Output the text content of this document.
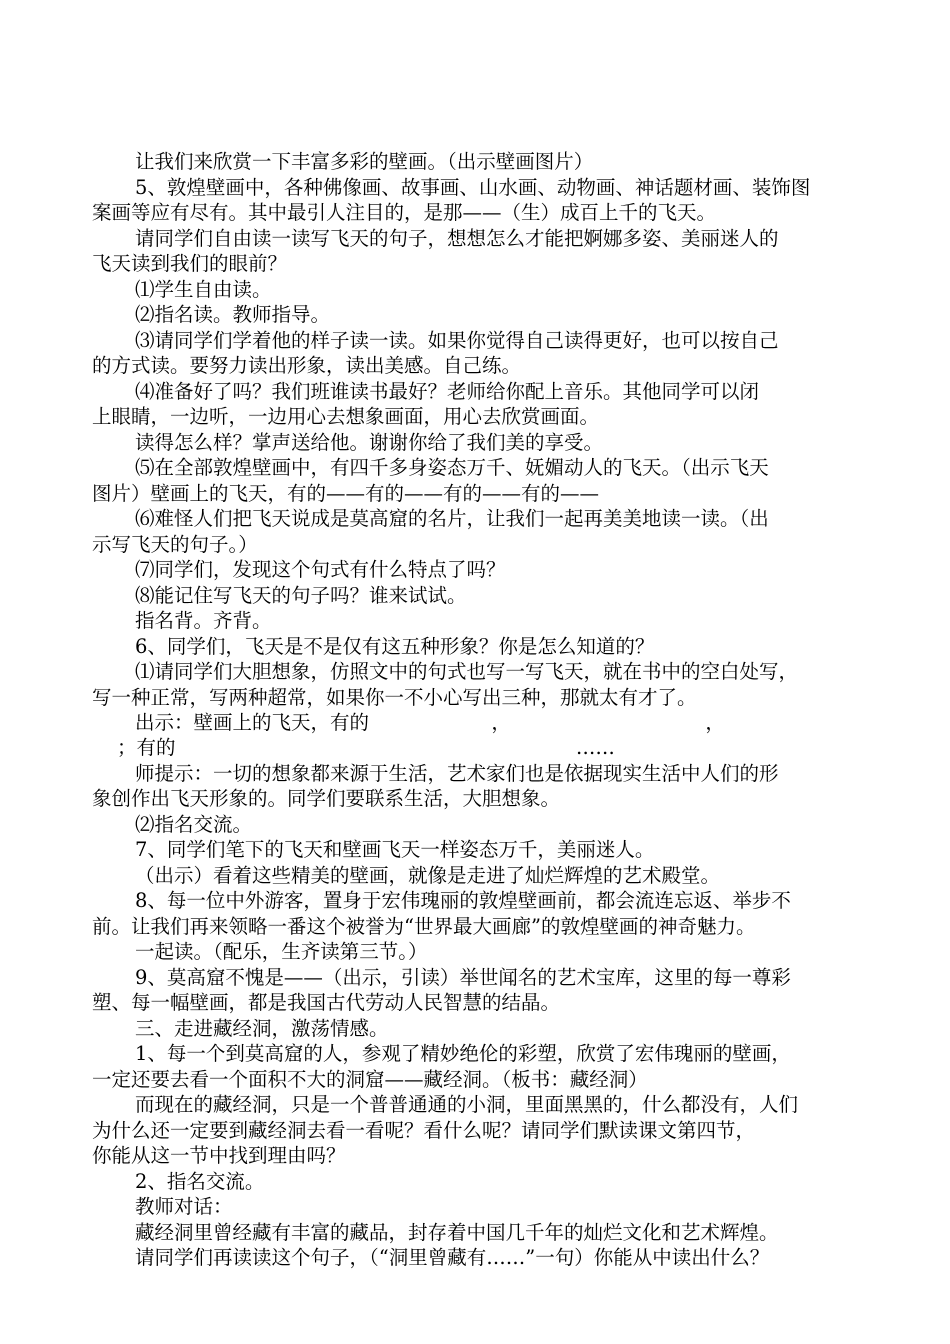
让我们来欣赏一下丰富多彩的壁画。（出示壁画图片）
5、敦煌壁画中，各种佛像画、故事画、山水画、动物画、神话题材画、装饰图
案画等应有尽有。其中最引人注目的，是那——（生）成百上千的飞天。
请同学们自由读一读写飞天的句子，想想怎么才能把婀娜多姿、美丽迷人的
飞天读到我们的眼前？
⑴学生自由读。
⑵指名读。教师指导。
⑶请同学们学着他的样子读一读。如果你觉得自己读得更好，也可以按自己
的方式读。要努力读出形象，读出美感。自己练。
⑷准备好了吗？我们班谁读书最好？老师给你配上音乐。其他同学可以闭
上眼睛，一边听，一边用心去想象画面，用心去欣赏画面。
读得怎么样？掌声送给他。谢谢你给了我们美的享受。
⑸在全部敦煌壁画中，有四千多身姿态万千、妩媚动人的飞天。（出示飞天
图片）壁画上的飞天，有的——有的——有的——有的——
⑹难怪人们把飞天说成是莫高窟的名片，让我们一起再美美地读一读。（出
示写飞天的句子。）
⑺同学们，发现这个句式有什么特点了吗？
⑻能记住写飞天的句子吗？谁来试试。
指名背。齐背。
6、同学们，飞天是不是仅有这五种形象？你是怎么知道的？
⑴请同学们大胆想象，仿照文中的句式也写一写飞天，就在书中的空白处写，
写一种正常，写两种超常，如果你一不小心写出三种，那就太有才了。
出示：壁画上的飞天，有的	，	，
；有的	……
师提示：一切的想象都来源于生活，艺术家们也是依据现实生活中人们的形
象创作出飞天形象的。同学们要联系生活，大胆想象。
⑵指名交流。
7、同学们笔下的飞天和壁画飞天一样姿态万千，美丽迷人。
（出示）看着这些精美的壁画，就像是走进了灿烂辉煌的艺术殿堂。
8、每一位中外游客，置身于宏伟瑰丽的敦煌壁画前，都会流连忘返、举步不
前。让我们再来领略一番这个被誉为“世界最大画廊”的敦煌壁画的神奇魅力。
一起读。（配乐，生齐读第三节。）
9、莫高窟不愧是——（出示，引读）举世闻名的艺术宝库，这里的每一尊彩
塑、每一幅壁画，都是我国古代劳动人民智慧的结晶。
三、走进藏经洞，激荡情感。
1、每一个到莫高窟的人，参观了精妙绝伦的彩塑，欣赏了宏伟瑰丽的壁画，
一定还要去看一个面积不大的洞窟——藏经洞。（板书：藏经洞）
而现在的藏经洞，只是一个普普通通的小洞，里面黑黑的，什么都没有，人们
为什么还一定要到藏经洞去看一看呢？看什么呢？请同学们默读课文第四节，
你能从这一节中找到理由吗？
2、指名交流。
教师对话：
藏经洞里曾经藏有丰富的藏品，封存着中国几千年的灿烂文化和艺术辉煌。
请同学们再读读这个句子，（“洞里曾藏有……”一句）你能从中读出什么？
